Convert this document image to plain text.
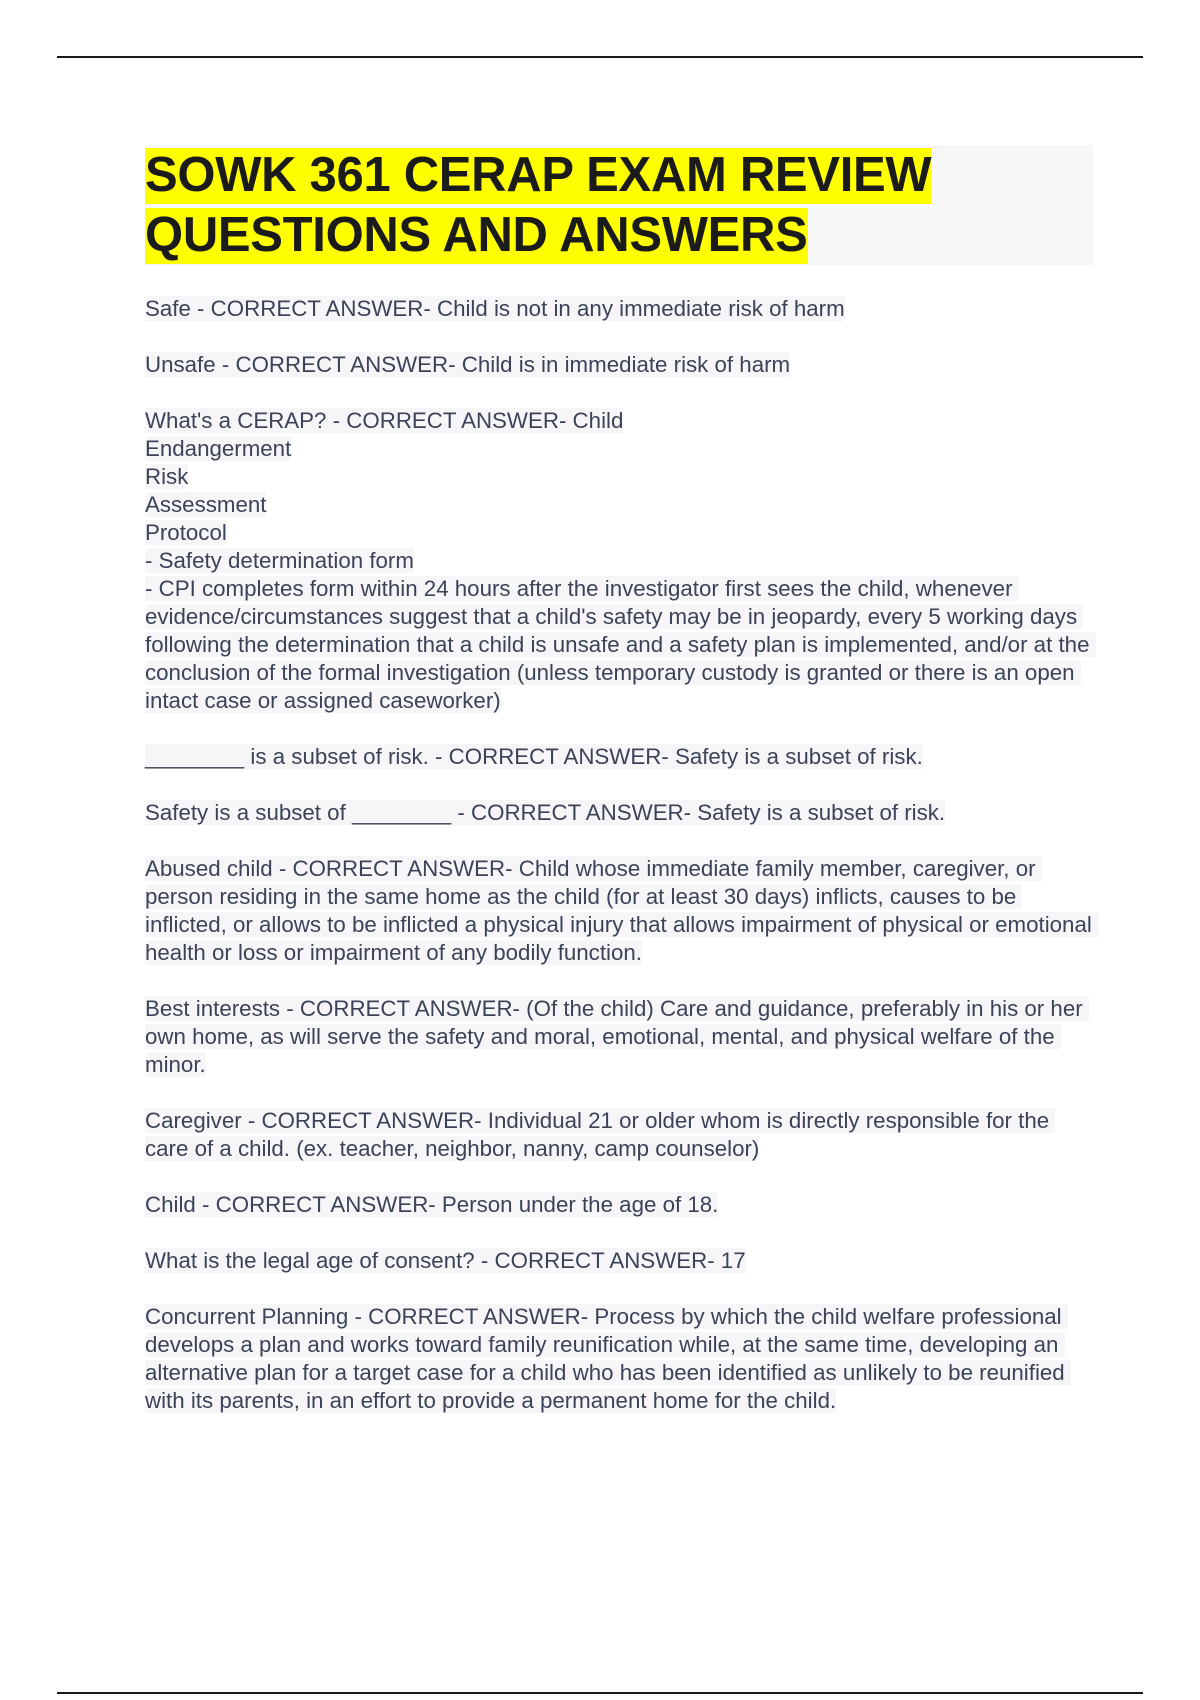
SOWK 361 CERAP EXAM REVIEW
QUESTIONS AND ANSWERS

Safe - CORRECT ANSWER- Child is not in any immediate risk of harm

Unsafe - CORRECT ANSWER- Child is in immediate risk of harm

What's a CERAP? - CORRECT ANSWER- Child
Endangerment
Risk
Assessment
Protocol
- Safety determination form
- CPI completes form within 24 hours after the investigator first sees the child, whenever evidence/circumstances suggest that a child's safety may be in jeopardy, every 5 working days following the determination that a child is unsafe and a safety plan is implemented, and/or at the conclusion of the formal investigation (unless temporary custody is granted or there is an open intact case or assigned caseworker)

________ is a subset of risk. - CORRECT ANSWER- Safety is a subset of risk.

Safety is a subset of ________ - CORRECT ANSWER- Safety is a subset of risk.

Abused child - CORRECT ANSWER- Child whose immediate family member, caregiver, or person residing in the same home as the child (for at least 30 days) inflicts, causes to be inflicted, or allows to be inflicted a physical injury that allows impairment of physical or emotional health or loss or impairment of any bodily function.

Best interests - CORRECT ANSWER- (Of the child) Care and guidance, preferably in his or her own home, as will serve the safety and moral, emotional, mental, and physical welfare of the minor.

Caregiver - CORRECT ANSWER- Individual 21 or older whom is directly responsible for the care of a child. (ex. teacher, neighbor, nanny, camp counselor)

Child - CORRECT ANSWER- Person under the age of 18.

What is the legal age of consent? - CORRECT ANSWER- 17

Concurrent Planning - CORRECT ANSWER- Process by which the child welfare professional develops a plan and works toward family reunification while, at the same time, developing an alternative plan for a target case for a child who has been identified as unlikely to be reunified with its parents, in an effort to provide a permanent home for the child.
